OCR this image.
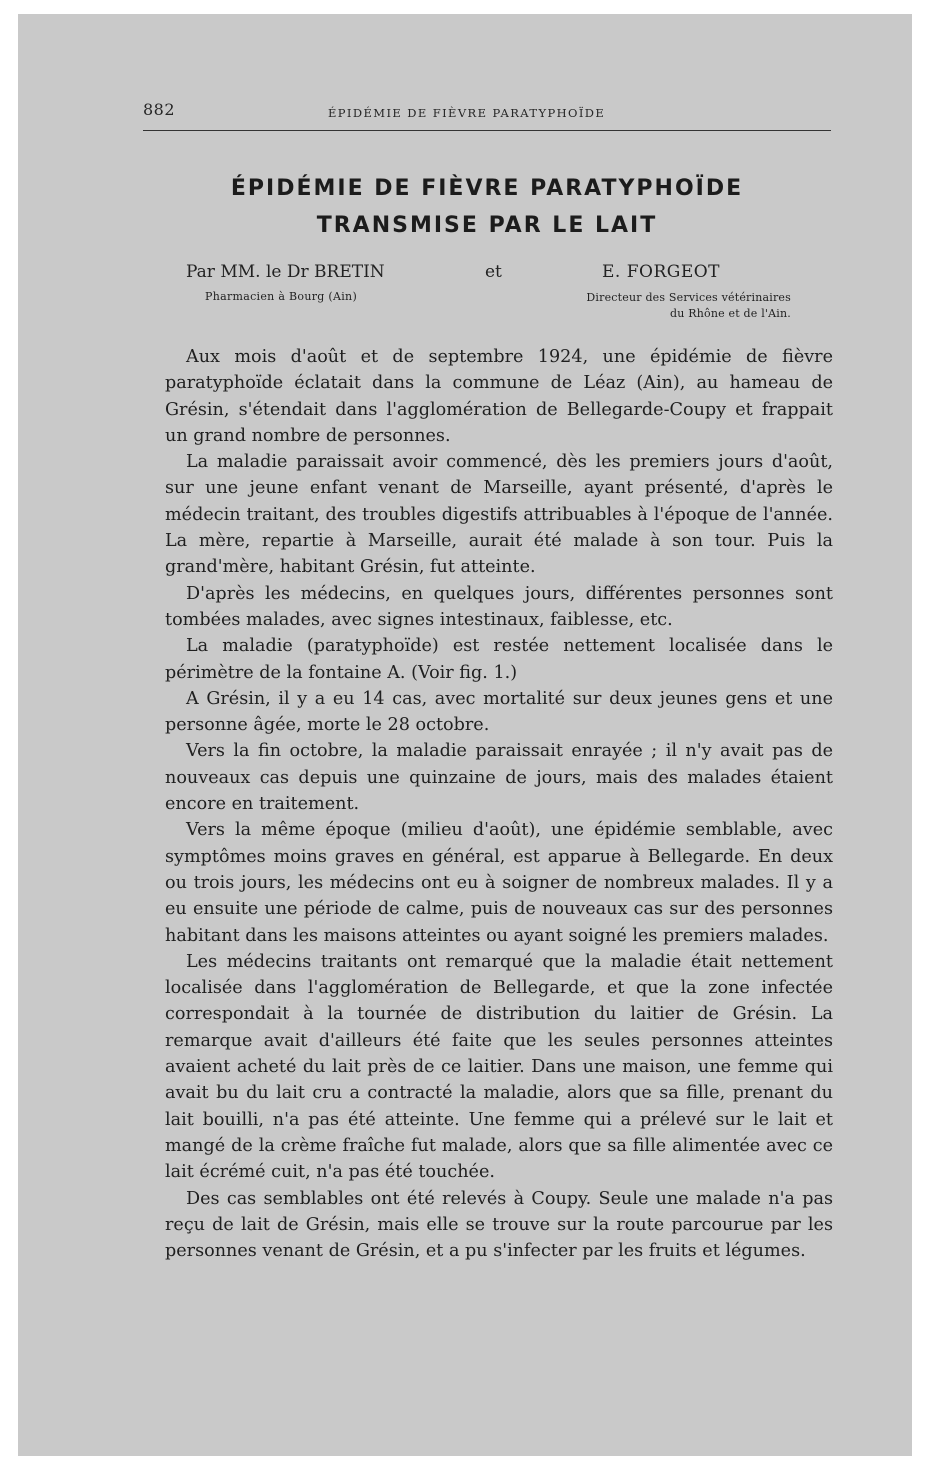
882	ÉPIDÉMIE DE FIÈVRE PARATYPHOÏDE
ÉPIDÉMIE DE FIÈVRE PARATYPHOÏDE
TRANSMISE PAR LE LAIT
Par MM. le Dr BRETIN	et	E. FORGEOT
Pharmacien à Bourg (Ain)	Directeur des Services vétérinaires
du Rhône et de l'Ain.

Aux mois d'août et de septembre 1924, une épidémie de fièvre paratyphoïde éclatait dans la commune de Léaz (Ain), au hameau de Grésin, s'étendait dans l'agglomération de Bellegarde-Coupy et frappait un grand nombre de personnes.

La maladie paraissait avoir commencé, dès les premiers jours d'août, sur une jeune enfant venant de Marseille, ayant présenté, d'après le médecin traitant, des troubles digestifs attribuables à l'époque de l'année. La mère, repartie à Marseille, aurait été malade à son tour. Puis la grand'mère, habitant Grésin, fut atteinte.

D'après les médecins, en quelques jours, différentes personnes sont tombées malades, avec signes intestinaux, faiblesse, etc.

La maladie (paratyphoïde) est restée nettement localisée dans le périmètre de la fontaine A. (Voir fig. 1.)

A Grésin, il y a eu 14 cas, avec mortalité sur deux jeunes gens et une personne âgée, morte le 28 octobre.

Vers la fin octobre, la maladie paraissait enrayée ; il n'y avait pas de nouveaux cas depuis une quinzaine de jours, mais des malades étaient encore en traitement.

Vers la même époque (milieu d'août), une épidémie semblable, avec symptômes moins graves en général, est apparue à Bellegarde. En deux ou trois jours, les médecins ont eu à soigner de nombreux malades. Il y a eu ensuite une période de calme, puis de nouveaux cas sur des personnes habitant dans les maisons atteintes ou ayant soigné les premiers malades.

Les médecins traitants ont remarqué que la maladie était nettement localisée dans l'agglomération de Bellegarde, et que la zone infectée correspondait à la tournée de distribution du laitier de Grésin. La remarque avait d'ailleurs été faite que les seules personnes atteintes avaient acheté du lait près de ce laitier. Dans une maison, une femme qui avait bu du lait cru a contracté la maladie, alors que sa fille, prenant du lait bouilli, n'a pas été atteinte. Une femme qui a prélevé sur le lait et mangé de la crème fraîche fut malade, alors que sa fille alimentée avec ce lait écrémé cuit, n'a pas été touchée.

Des cas semblables ont été relevés à Coupy. Seule une malade n'a pas reçu de lait de Grésin, mais elle se trouve sur la route parcourue par les personnes venant de Grésin, et a pu s'infecter par les fruits et légumes.
